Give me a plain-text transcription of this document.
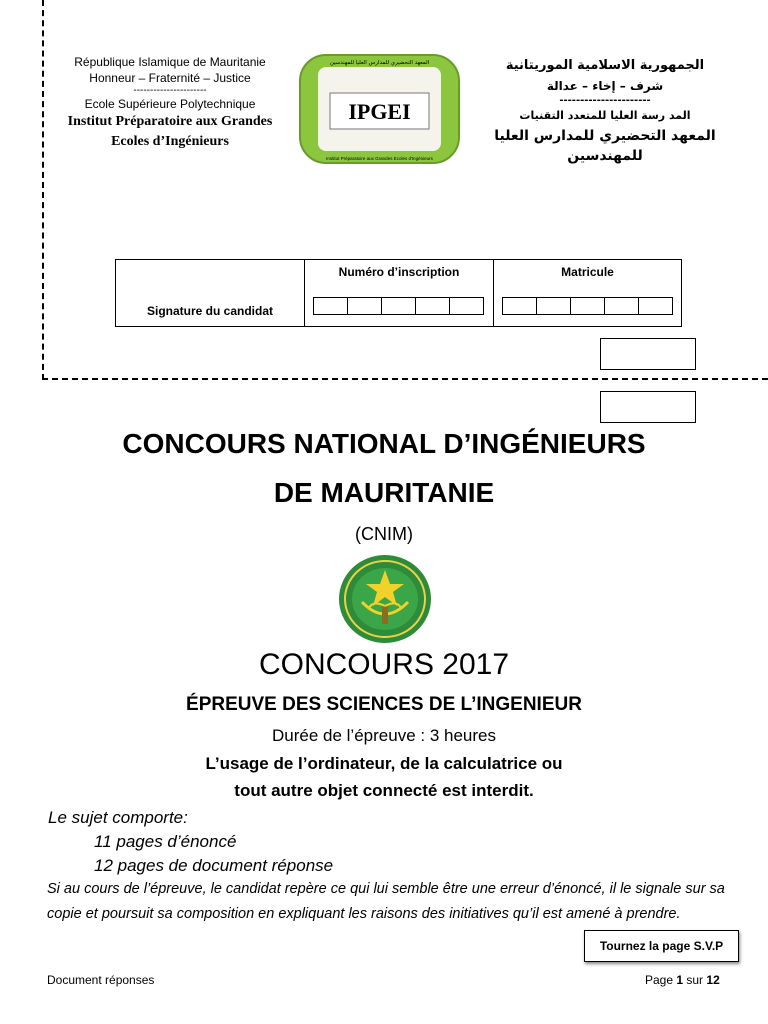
République Islamique de Mauritanie
Honneur – Fraternité – Justice
----------------------
Ecole Supérieure Polytechnique
Institut Préparatoire aux Grandes
Ecoles d’Ingénieurs
IPGEI
المعهد التحضيري للمدارس العليا للمهندسين
Institut Préparatoire aux Grandes Ecoles d'Ingénieurs
الجمهورية الاسلامية الموريتانية
شرف – إخاء – عدالة
----------------------
المد رسة العليا للمتعدد التقنيات
المعهد التحضيري للمدارس العليا
للمهندسين
Signature du candidat
Numéro d’inscription	Matricule
CONCOURS NATIONAL D’INGÉNIEURS
DE MAURITANIE
(CNIM)
CONCOURS 2017
ÉPREUVE DES SCIENCES DE L’INGENIEUR
Durée de l’épreuve : 3 heures
L’usage de l’ordinateur, de la calculatrice ou
tout autre objet connecté est interdit.
Le sujet comporte:
11 pages d’énoncé
12 pages de document réponse
Si au cours de l’épreuve, le candidat repère ce qui lui semble être une erreur d’énoncé, il le signale sur sa copie et poursuit sa composition en expliquant les raisons des initiatives qu’il est amené à prendre.
Tournez la page S.V.P
Document réponses	Page 1 sur 12
